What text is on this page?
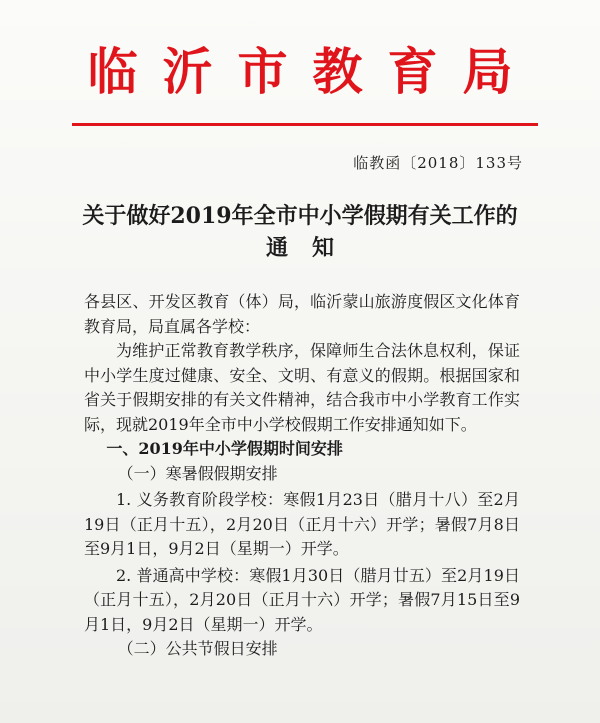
临沂市教育局
临教函〔2018〕133号
关于做好2019年全市中小学假期有关工作的
通知

各县区、开发区教育（体）局，临沂蒙山旅游度假区文化体育教育局，局直属各学校：

为维护正常教育教学秩序，保障师生合法休息权利，保证中小学生度过健康、安全、文明、有意义的假期。根据国家和省关于假期安排的有关文件精神，结合我市中小学教育工作实际，现就2019年全市中小学校假期工作安排通知如下。

一、2019年中小学假期时间安排

（一）寒暑假假期安排

1. 义务教育阶段学校：寒假1月23日（腊月十八）至2月19日（正月十五），2月20日（正月十六）开学；暑假7月8日至9月1日，9月2日（星期一）开学。

2. 普通高中学校：寒假1月30日（腊月廿五）至2月19日（正月十五），2月20日（正月十六）开学；暑假7月15日至9月1日，9月2日（星期一）开学。

（二）公共节假日安排
